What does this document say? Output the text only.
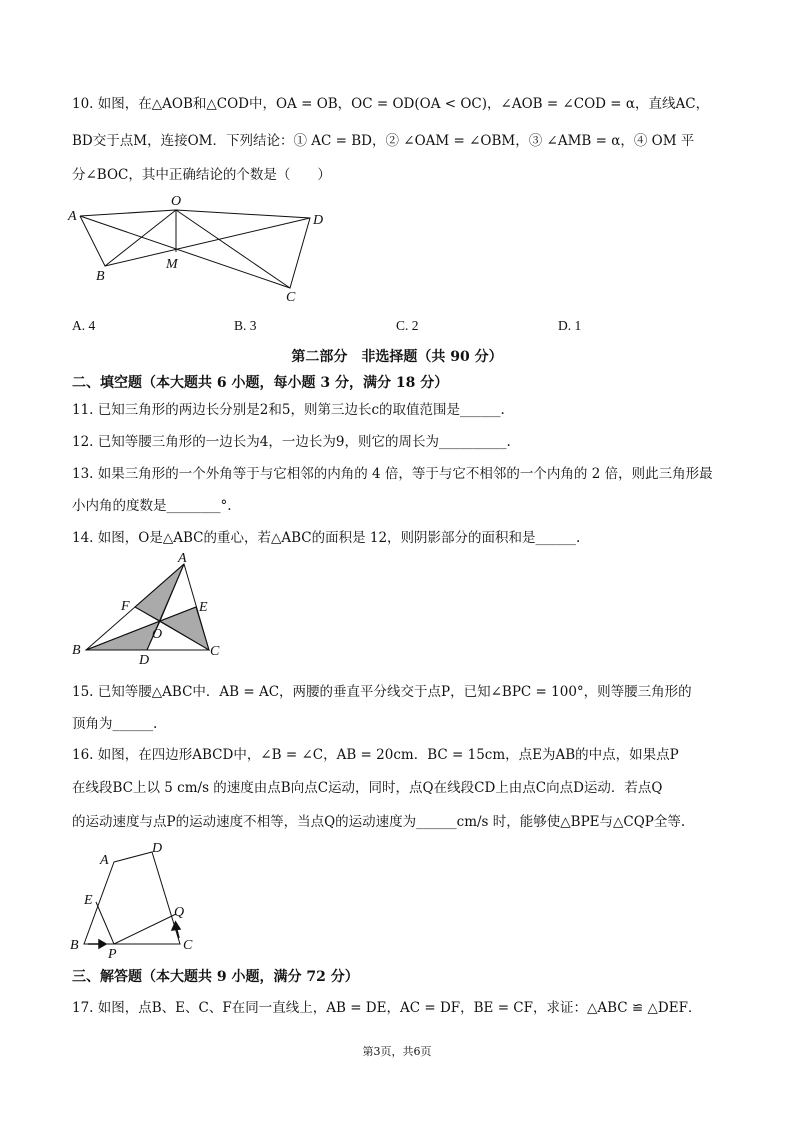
10. 如图，在△AOB和△COD中，OA = OB，OC = OD(OA < OC)，∠AOB = ∠COD = α，直线AC，
BD交于点M，连接OM．下列结论：① AC = BD，② ∠OAM = ∠OBM，③ ∠AMB = α，④ OM 平
分∠BOC，其中正确结论的个数是（　　）
A
O
D
B
M
C
A. 4	B. 3	C. 2	D. 1
第二部分　非选择题（共 90 分）
二、填空题（本大题共 6 小题，每小题 3 分，满分 18 分）
11. 已知三角形的两边长分别是2和5，则第三边长c的取值范围是______.
12. 已知等腰三角形的一边长为4，一边长为9，则它的周长为__________.
13. 如果三角形的一个外角等于与它相邻的内角的 4 倍，等于与它不相邻的一个内角的 2 倍，则此三角形最
小内角的度数是________°.
14. 如图，O是△ABC的重心，若△ABC的面积是 12，则阴影部分的面积和是______.
A
F	E
O
B
D
C
15. 已知等腰△ABC中．AB = AC，两腰的垂直平分线交于点P，已知∠BPC = 100°，则等腰三角形的
顶角为______.
16. 如图，在四边形ABCD中，∠B = ∠C，AB = 20cm．BC = 15cm，点E为AB的中点，如果点P
在线段BC上以 5 cm/s 的速度由点B向点C运动，同时，点Q在线段CD上由点C向点D运动．若点Q
的运动速度与点P的运动速度不相等，当点Q的运动速度为______cm/s 时，能够使△BPE与△CQP全等.
A
D
E
Q
B
P
C
三、解答题（本大题共 9 小题，满分 72 分）
17. 如图，点B、E、C、F在同一直线上，AB = DE，AC = DF，BE = CF，求证：△ABC ≌ △DEF．
第3页，共6页
